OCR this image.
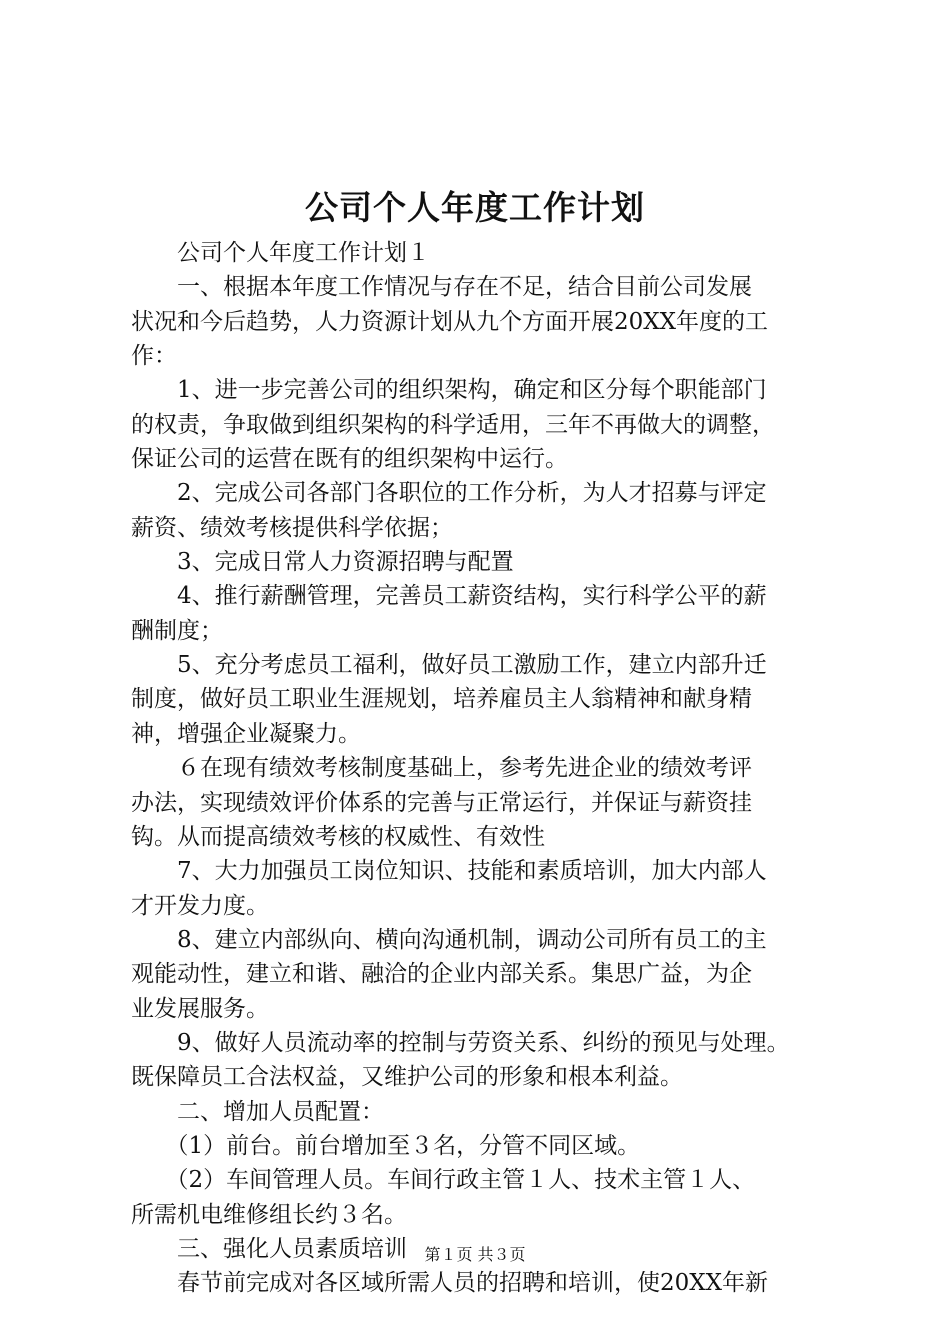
公司个人年度工作计划
　　公司个人年度工作计划１
　　一、根据本年度工作情况与存在不足，结合目前公司发展
状况和今后趋势，人力资源计划从九个方面开展20XX年度的工
作：
　　1、进一步完善公司的组织架构，确定和区分每个职能部门
的权责，争取做到组织架构的科学适用，三年不再做大的调整，
保证公司的运营在既有的组织架构中运行。
　　2、完成公司各部门各职位的工作分析，为人才招募与评定
薪资、绩效考核提供科学依据；
　　3、完成日常人力资源招聘与配置
　　4、推行薪酬管理，完善员工薪资结构，实行科学公平的薪
酬制度；
　　5、充分考虑员工福利，做好员工激励工作，建立内部升迁
制度，做好员工职业生涯规划，培养雇员主人翁精神和献身精
神，增强企业凝聚力。
　　６在现有绩效考核制度基础上，参考先进企业的绩效考评
办法，实现绩效评价体系的完善与正常运行，并保证与薪资挂
钩。从而提高绩效考核的权威性、有效性
　　7、大力加强员工岗位知识、技能和素质培训，加大内部人
才开发力度。
　　8、建立内部纵向、横向沟通机制，调动公司所有员工的主
观能动性，建立和谐、融洽的企业内部关系。集思广益，为企
业发展服务。
　　9、做好人员流动率的控制与劳资关系、纠纷的预见与处理。
既保障员工合法权益，又维护公司的形象和根本利益。
　　二、增加人员配置：
　　（1）前台。前台增加至３名，分管不同区域。
　　（2）车间管理人员。车间行政主管１人、技术主管１人、
所需机电维修组长约３名。
　　三、强化人员素质培训
　　春节前完成对各区域所需人员的招聘和培训，使20XX年新
第１页 共３页
